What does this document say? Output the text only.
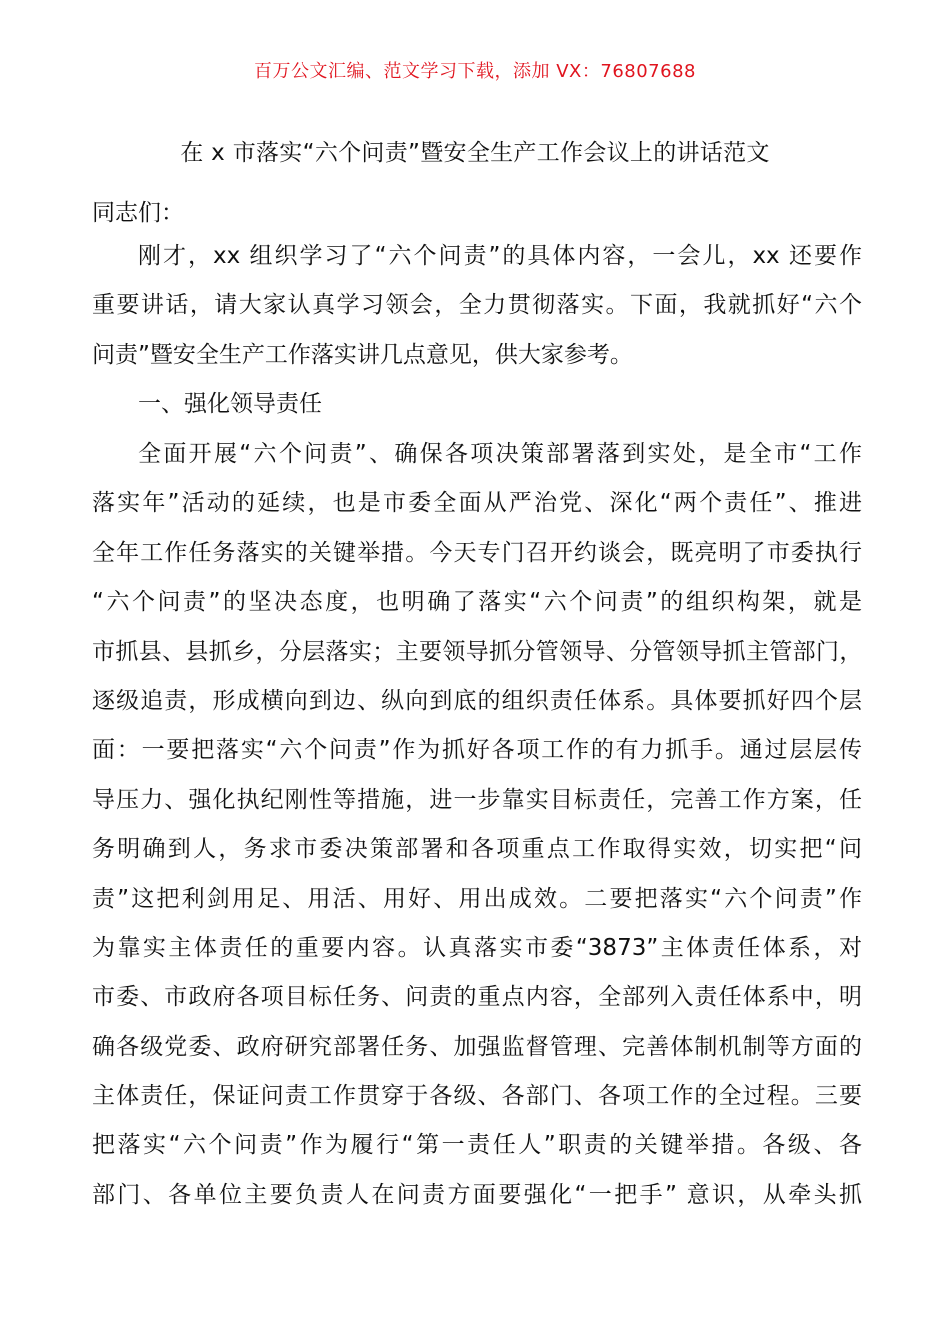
百万公文汇编、范文学习下载，添加 VX：76807688
在 x 市落实“六个问责”暨安全生产工作会议上的讲话范文
同志们：
刚才，xx 组织学习了“六个问责”的具体内容，一会儿，xx 还要作
重要讲话，请大家认真学习领会，全力贯彻落实。下面，我就抓好“六个
问责”暨安全生产工作落实讲几点意见，供大家参考。
一、强化领导责任
全面开展“六个问责”、确保各项决策部署落到实处，是全市“工作
落实年”活动的延续，也是市委全面从严治党、深化“两个责任”、推进
全年工作任务落实的关键举措。今天专门召开约谈会，既亮明了市委执行
“六个问责”的坚决态度，也明确了落实“六个问责”的组织构架，就是
市抓县、县抓乡，分层落实；主要领导抓分管领导、分管领导抓主管部门，
逐级追责，形成横向到边、纵向到底的组织责任体系。具体要抓好四个层
面：一要把落实“六个问责”作为抓好各项工作的有力抓手。通过层层传
导压力、强化执纪刚性等措施，进一步靠实目标责任，完善工作方案，任
务明确到人，务求市委决策部署和各项重点工作取得实效，切实把“问
责”这把利剑用足、用活、用好、用出成效。二要把落实“六个问责”作
为靠实主体责任的重要内容。认真落实市委“3873”主体责任体系，对
市委、市政府各项目标任务、问责的重点内容，全部列入责任体系中，明
确各级党委、政府研究部署任务、加强监督管理、完善体制机制等方面的
主体责任，保证问责工作贯穿于各级、各部门、各项工作的全过程。三要
把落实“六个问责”作为履行“第一责任人”职责的关键举措。各级、各
部门、各单位主要负责人在问责方面要强化“一把手” 意识，从牵头抓
